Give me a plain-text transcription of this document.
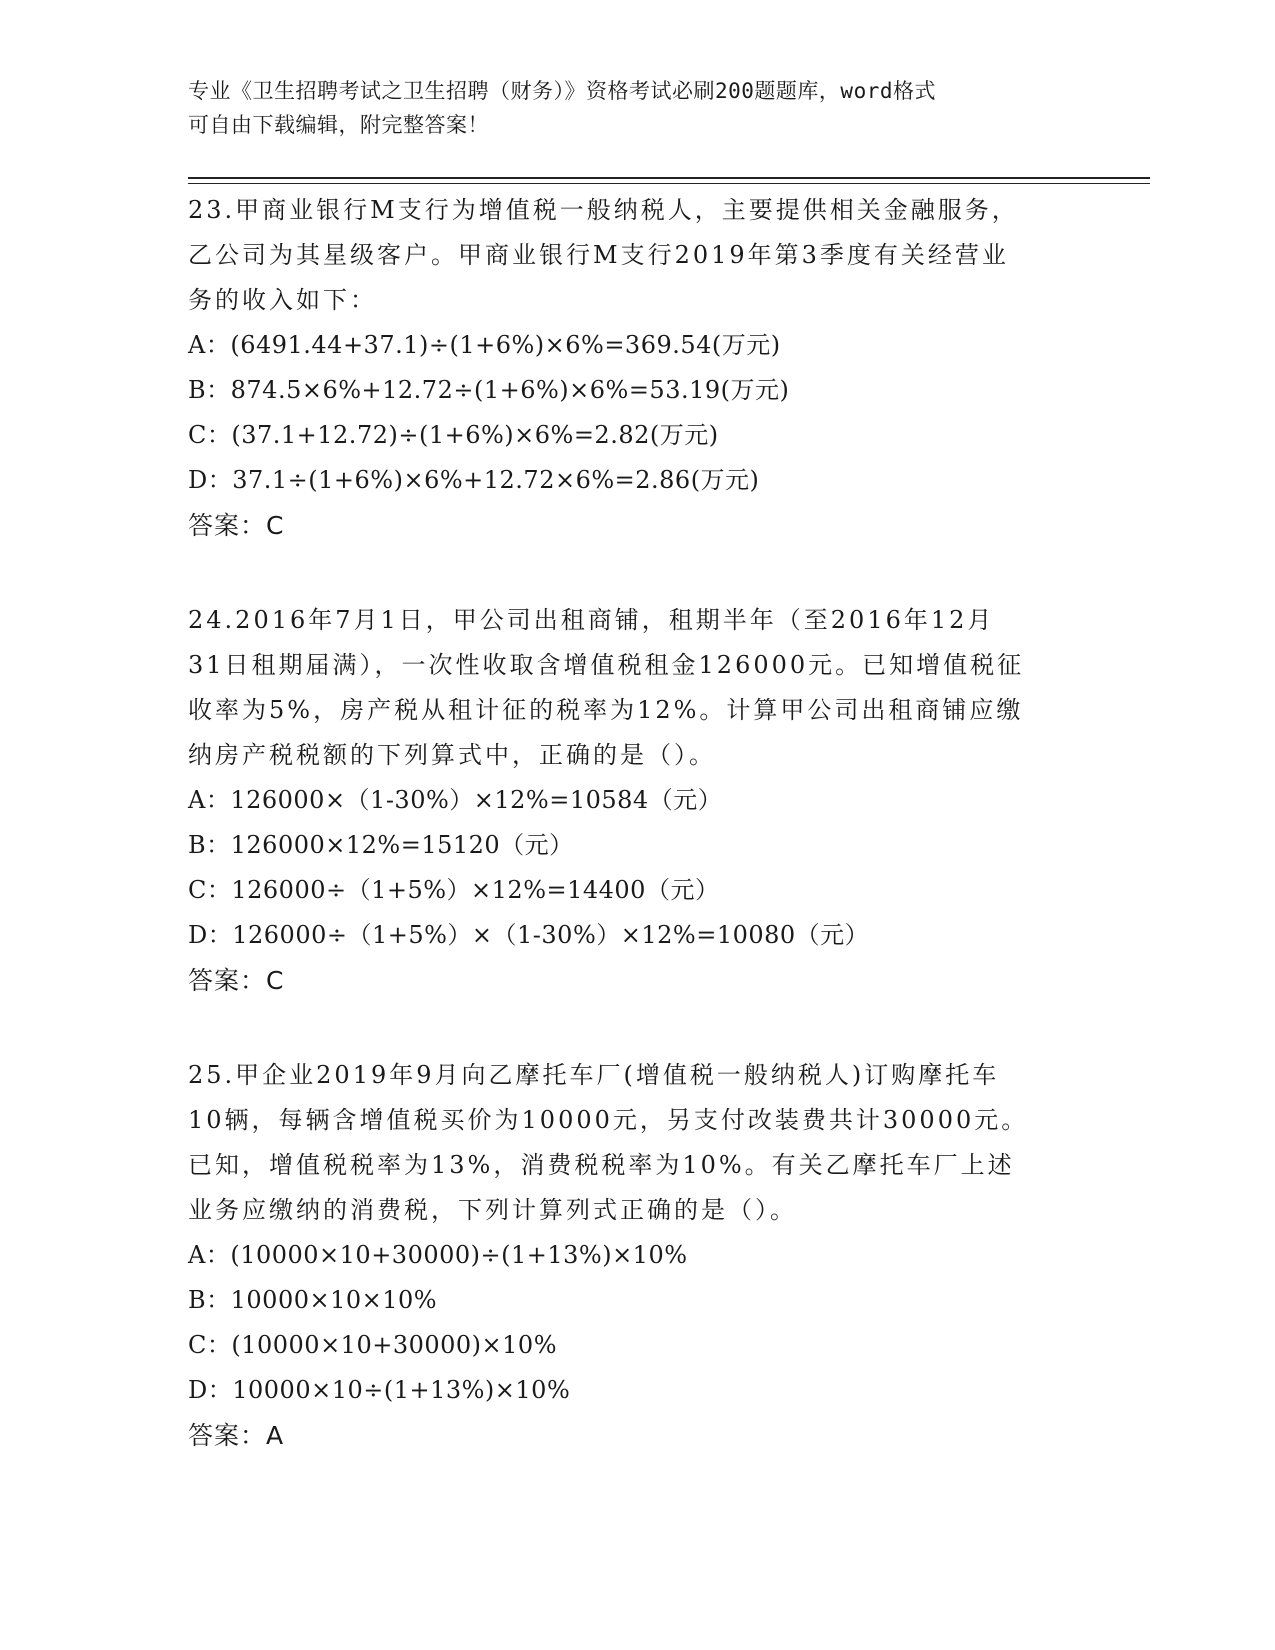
专业《卫生招聘考试之卫生招聘（财务）》资格考试必刷200题题库，word格式
可自由下载编辑，附完整答案！
23.甲商业银行M支行为增值税一般纳税人，主要提供相关金融服务，
乙公司为其星级客户。甲商业银行M支行2019年第3季度有关经营业
务的收入如下：
A：(6491.44+37.1)÷(1+6%)×6%=369.54(万元)
B：874.5×6%+12.72÷(1+6%)×6%=53.19(万元)
C：(37.1+12.72)÷(1+6%)×6%=2.82(万元)
D：37.1÷(1+6%)×6%+12.72×6%=2.86(万元)
答案：C
24.2016年7月1日，甲公司出租商铺，租期半年（至2016年12月
31日租期届满），一次性收取含增值税租金126000元。已知增值税征
收率为5%，房产税从租计征的税率为12%。计算甲公司出租商铺应缴
纳房产税税额的下列算式中，正确的是（）。
A：126000×（1-30%）×12%=10584（元）
B：126000×12%=15120（元）
C：126000÷（1+5%）×12%=14400（元）
D：126000÷（1+5%）×（1-30%）×12%=10080（元）
答案：C
25.甲企业2019年9月向乙摩托车厂(增值税一般纳税人)订购摩托车
10辆，每辆含增值税买价为10000元，另支付改装费共计30000元。
已知，增值税税率为13%，消费税税率为10%。有关乙摩托车厂上述
业务应缴纳的消费税，下列计算列式正确的是（）。
A：(10000×10+30000)÷(1+13%)×10%
B：10000×10×10%
C：(10000×10+30000)×10%
D：10000×10÷(1+13%)×10%
答案：A
